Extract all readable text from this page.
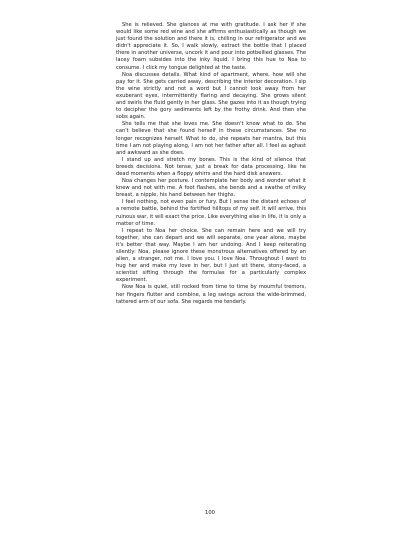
She is relieved. She glances at me with gratitude. I ask her if she would like some red wine and she affirms enthusiastically as though we just found the solution and there it is, chilling in our refrigerator and we didn't appreciate it. So, I walk slowly, extract the bottle that I placed there in another universe, uncork it and pour into potbellied glasses. The lacey foam subsides into the inky liquid. I bring this hue to Noa to consume. I click my tongue delighted at the taste.

Noa discusses details. What kind of apartment, where, how will she pay for it. She gets carried away, describing the interior decoration. I sip the wine strictly and not a word but I cannot look away from her exuberant eyes, intermittently flaring and decaying. She grows silent and swirls the fluid gently in her glass. She gazes into it as though trying to decipher the gory sediments left by the frothy drink. And then she sobs again.

She tells me that she loves me. She doesn't know what to do. She can't believe that she found herself in these circumstances. She no longer recognizes herself. What to do, she repeats her mantra, but this time I am not playing along, I am not her father after all. I feel as aghast and awkward as she does.

I stand up and stretch my bones. This is the kind of silence that breeds decisions. Not tense, just a break for data processing, like he dead moments when a floppy whirrs and the hard disk answers.

Noa changes her posture. I contemplate her body and wonder what it knew and not with me. A foot flashes, she bends and a swathe of milky breast, a nipple, his hand between her thighs.

I feel nothing, not even pain or fury. But I sense the distant echoes of a remote battle, behind the fortified hilltops of my self. It will arrive, this ruinous war, it will exact the price. Like everything else in life, it is only a matter of time.

I repeat to Noa her choice. She can remain here and we will try together, she can depart and we will separate, one year alone, maybe it's better that way. Maybe I am her undoing. And I keep reiterating silently: Noa, please ignore these monstrous alternatives offered by an alien, a stranger, not me. I love you. I love Noa. Throughout I want to hug her and make my love in her, but I just sit there, stony-faced, a scientist sifting through the formulas for a particularly complex experiment.

Now Noa is quiet, still rocked from time to time by mournful tremors, her fingers flutter and combine, a leg swings across the wide-brimmed, tattered arm of our sofa. She regards me tenderly.

100
